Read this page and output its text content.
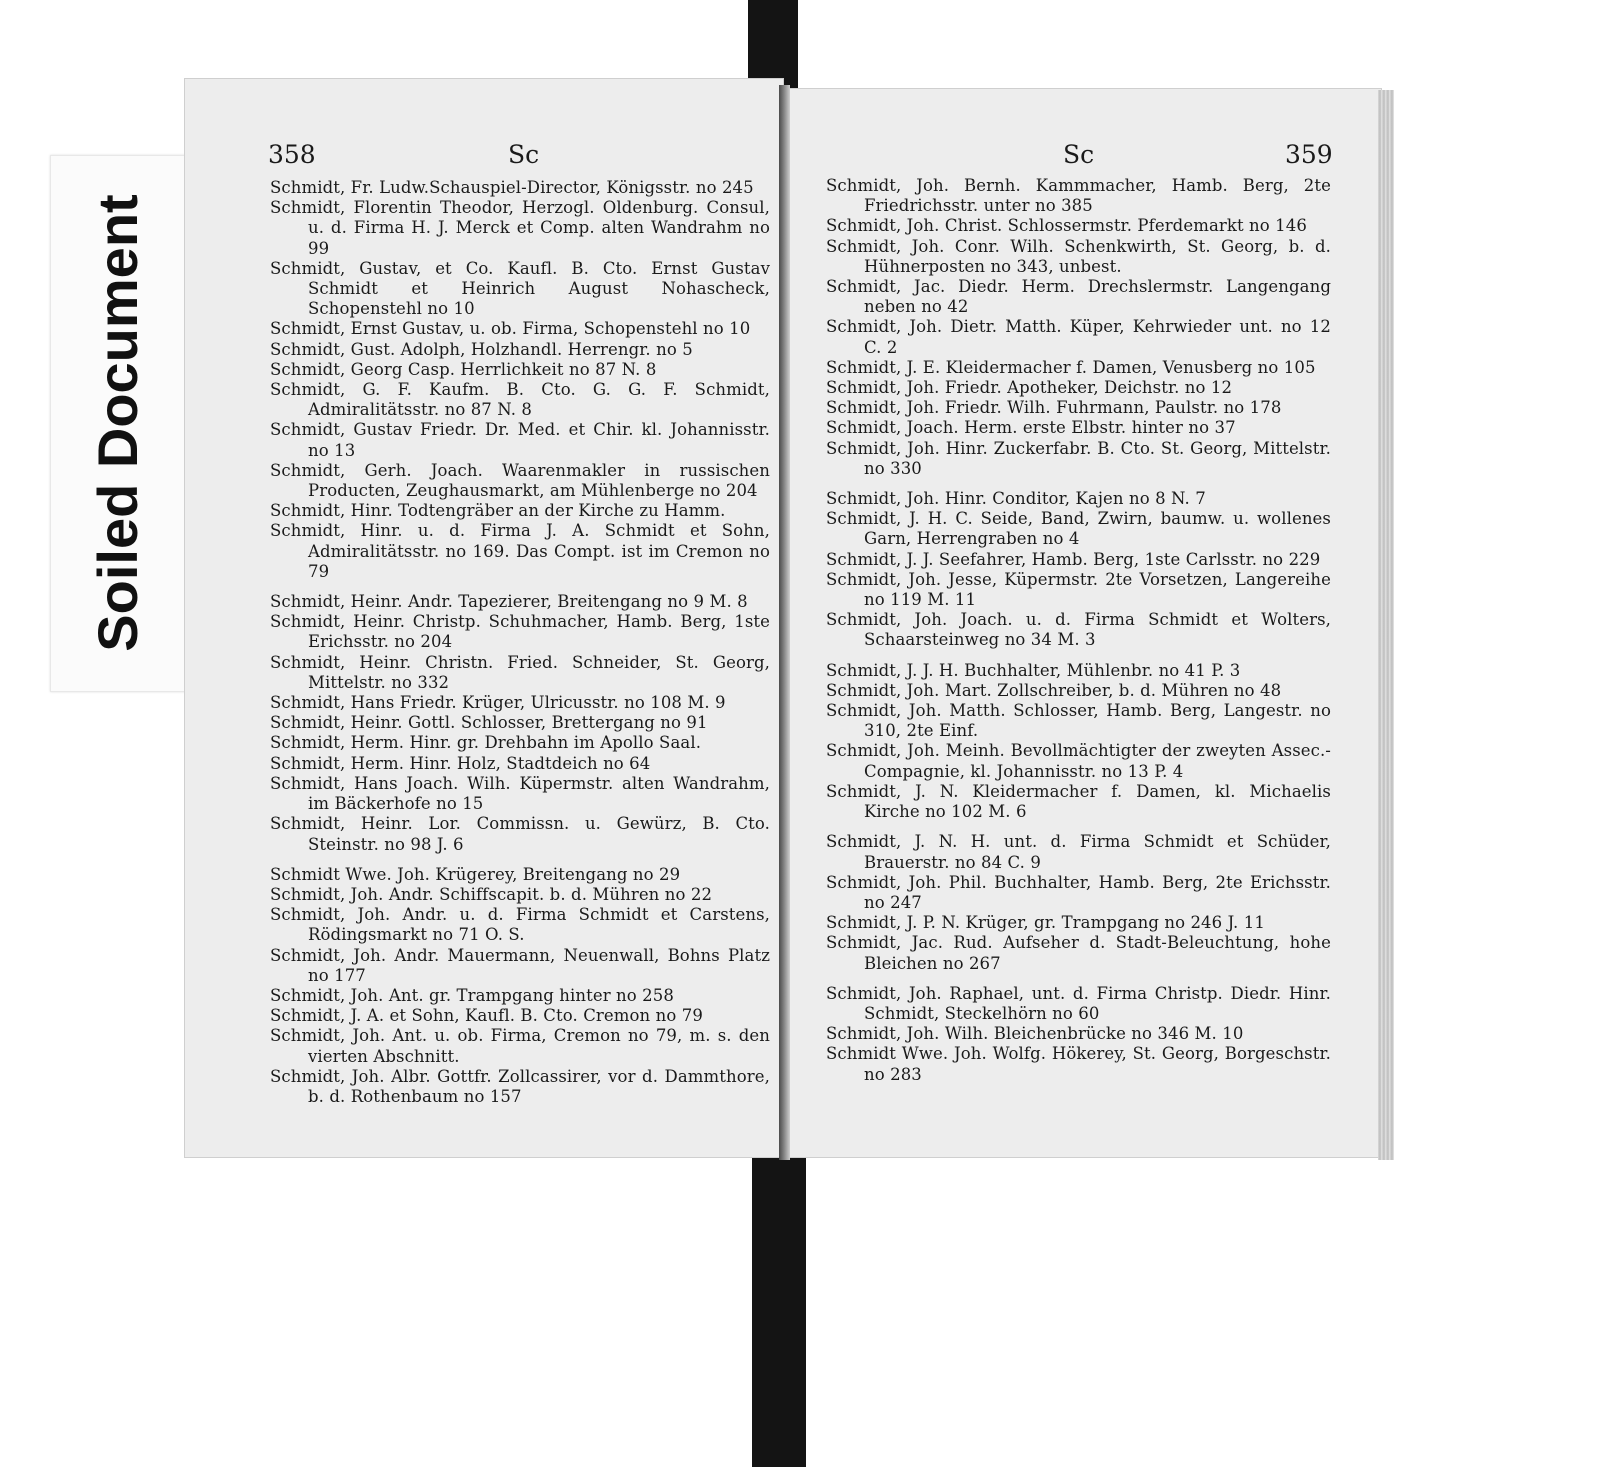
Soiled Document
358	Sc	Sc	359

Schmidt, Fr. Ludw.Schauspiel-Director, Königsstr. no 245

Schmidt, Florentin Theodor, Herzogl. Oldenburg. Consul, u. d. Firma H. J. Merck et Comp. alten Wandrahm no 99

Schmidt, Gustav, et Co. Kaufl. B. Cto. Ernst Gustav Schmidt et Heinrich August Nohascheck, Schopenstehl no 10

Schmidt, Ernst Gustav, u. ob. Firma, Schopenstehl no 10

Schmidt, Gust. Adolph, Holzhandl. Herrengr. no 5

Schmidt, Georg Casp. Herrlichkeit no 87 N. 8

Schmidt, G. F. Kaufm. B. Cto. G. G. F. Schmidt, Admiralitätsstr. no 87 N. 8

Schmidt, Gustav Friedr. Dr. Med. et Chir. kl. Johannisstr. no 13

Schmidt, Gerh. Joach. Waarenmakler in russischen Producten, Zeughausmarkt, am Mühlenberge no 204

Schmidt, Hinr. Todtengräber an der Kirche zu Hamm.

Schmidt, Hinr. u. d. Firma J. A. Schmidt et Sohn, Admiralitätsstr. no 169. Das Compt. ist im Cremon no 79

Schmidt, Heinr. Andr. Tapezierer, Breitengang no 9 M. 8

Schmidt, Heinr. Christp. Schuhmacher, Hamb. Berg, 1ste Erichsstr. no 204

Schmidt, Heinr. Christn. Fried. Schneider, St. Georg, Mittelstr. no 332

Schmidt, Hans Friedr. Krüger, Ulricusstr. no 108 M. 9

Schmidt, Heinr. Gottl. Schlosser, Brettergang no 91

Schmidt, Herm. Hinr. gr. Drehbahn im Apollo Saal.

Schmidt, Herm. Hinr. Holz, Stadtdeich no 64

Schmidt, Hans Joach. Wilh. Küpermstr. alten Wandrahm, im Bäckerhofe no 15

Schmidt, Heinr. Lor. Commissn. u. Gewürz, B. Cto. Steinstr. no 98 J. 6

Schmidt Wwe. Joh. Krügerey, Breitengang no 29

Schmidt, Joh. Andr. Schiffscapit. b. d. Mühren no 22

Schmidt, Joh. Andr. u. d. Firma Schmidt et Carstens, Rödingsmarkt no 71 O. S.

Schmidt, Joh. Andr. Mauermann, Neuenwall, Bohns Platz no 177

Schmidt, Joh. Ant. gr. Trampgang hinter no 258

Schmidt, J. A. et Sohn, Kaufl. B. Cto. Cremon no 79

Schmidt, Joh. Ant. u. ob. Firma, Cremon no 79, m. s. den vierten Abschnitt.

Schmidt, Joh. Albr. Gottfr. Zollcassirer, vor d. Dammthore, b. d. Rothenbaum no 157

Schmidt, Joh. Bernh. Kammmacher, Hamb. Berg, 2te Friedrichsstr. unter no 385

Schmidt, Joh. Christ. Schlossermstr. Pferdemarkt no 146

Schmidt, Joh. Conr. Wilh. Schenkwirth, St. Georg, b. d. Hühnerposten no 343, unbest.

Schmidt, Jac. Diedr. Herm. Drechslermstr. Langengang neben no 42

Schmidt, Joh. Dietr. Matth. Küper, Kehrwieder unt. no 12 C. 2

Schmidt, J. E. Kleidermacher f. Damen, Venusberg no 105

Schmidt, Joh. Friedr. Apotheker, Deichstr. no 12

Schmidt, Joh. Friedr. Wilh. Fuhrmann, Paulstr. no 178

Schmidt, Joach. Herm. erste Elbstr. hinter no 37

Schmidt, Joh. Hinr. Zuckerfabr. B. Cto. St. Georg, Mittelstr. no 330

Schmidt, Joh. Hinr. Conditor, Kajen no 8 N. 7

Schmidt, J. H. C. Seide, Band, Zwirn, baumw. u. wollenes Garn, Herrengraben no 4

Schmidt, J. J. Seefahrer, Hamb. Berg, 1ste Carlsstr. no 229

Schmidt, Joh. Jesse, Küpermstr. 2te Vorsetzen, Langereihe no 119 M. 11

Schmidt, Joh. Joach. u. d. Firma Schmidt et Wolters, Schaarsteinweg no 34 M. 3

Schmidt, J. J. H. Buchhalter, Mühlenbr. no 41 P. 3

Schmidt, Joh. Mart. Zollschreiber, b. d. Mühren no 48

Schmidt, Joh. Matth. Schlosser, Hamb. Berg, Langestr. no 310, 2te Einf.

Schmidt, Joh. Meinh. Bevollmächtigter der zweyten Assec.-Compagnie, kl. Johannisstr. no 13 P. 4

Schmidt, J. N. Kleidermacher f. Damen, kl. Michaelis Kirche no 102 M. 6

Schmidt, J. N. H. unt. d. Firma Schmidt et Schüder, Brauerstr. no 84 C. 9

Schmidt, Joh. Phil. Buchhalter, Hamb. Berg, 2te Erichsstr. no 247

Schmidt, J. P. N. Krüger, gr. Trampgang no 246 J. 11

Schmidt, Jac. Rud. Aufseher d. Stadt-Beleuchtung, hohe Bleichen no 267

Schmidt, Joh. Raphael, unt. d. Firma Christp. Diedr. Hinr. Schmidt, Steckelhörn no 60

Schmidt, Joh. Wilh. Bleichenbrücke no 346 M. 10

Schmidt Wwe. Joh. Wolfg. Hökerey, St. Georg, Borgeschstr. no 283
